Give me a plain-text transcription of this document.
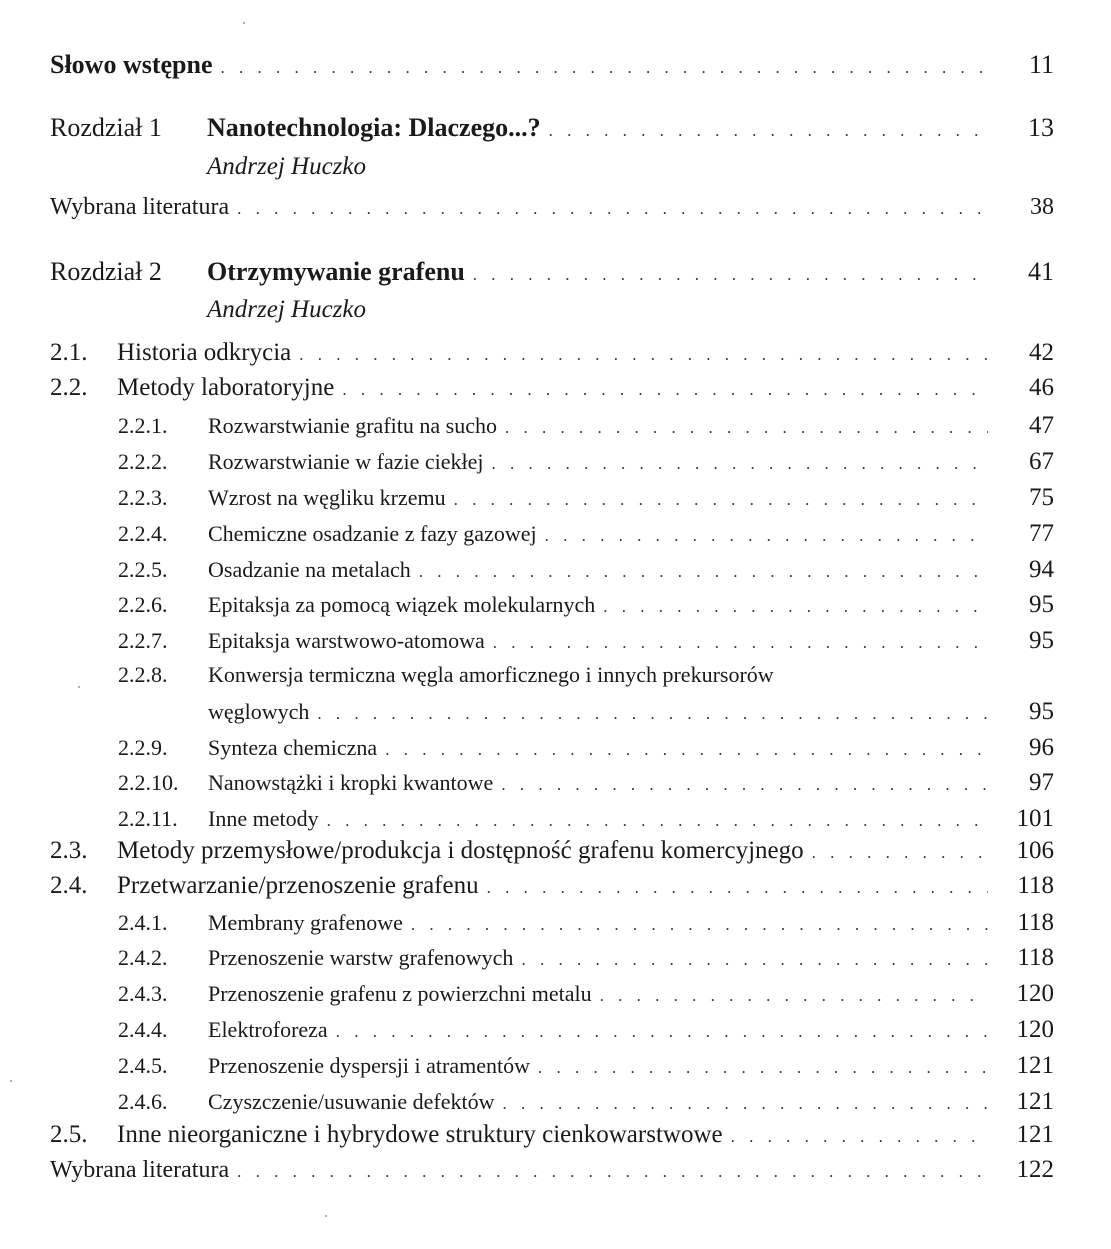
Słowo wstępne . . .	11
Rozdział 1	Nanotechnologia: Dlaczego...? . . .	13
Andrzej Huczko
Wybrana literatura . . .	38
Rozdział 2	Otrzymywanie grafenu . . .	41
Andrzej Huczko
2.1.	Historia odkrycia . . .	42
2.2.	Metody laboratoryjne . . .	46
2.2.1.	Rozwarstwianie grafitu na sucho . . .	47
2.2.2.	Rozwarstwianie w fazie ciekłej . . .	67
2.2.3.	Wzrost na węgliku krzemu . . .	75
2.2.4.	Chemiczne osadzanie z fazy gazowej . . .	77
2.2.5.	Osadzanie na metalach . . .	94
2.2.6.	Epitaksja za pomocą wiązek molekularnych . . .	95
2.2.7.	Epitaksja warstwowo-atomowa . . .	95
2.2.8.	Konwersja termiczna węgla amorficznego i innych prekursorów
węglowych . . .	95
2.2.9.	Synteza chemiczna . . .	96
2.2.10.	Nanowstążki i kropki kwantowe . . .	97
2.2.11.	Inne metody . . .	101
2.3.	Metody przemysłowe/produkcja i dostępność grafenu komercyjnego . . .	106
2.4.	Przetwarzanie/przenoszenie grafenu . . .	118
2.4.1.	Membrany grafenowe . . .	118
2.4.2.	Przenoszenie warstw grafenowych . . .	118
2.4.3.	Przenoszenie grafenu z powierzchni metalu . . .	120
2.4.4.	Elektroforeza . . .	120
2.4.5.	Przenoszenie dyspersji i atramentów . . .	121
2.4.6.	Czyszczenie/usuwanie defektów . . .	121
2.5.	Inne nieorganiczne i hybrydowe struktury cienkowarstwowe . . .	121
Wybrana literatura . . .	122
